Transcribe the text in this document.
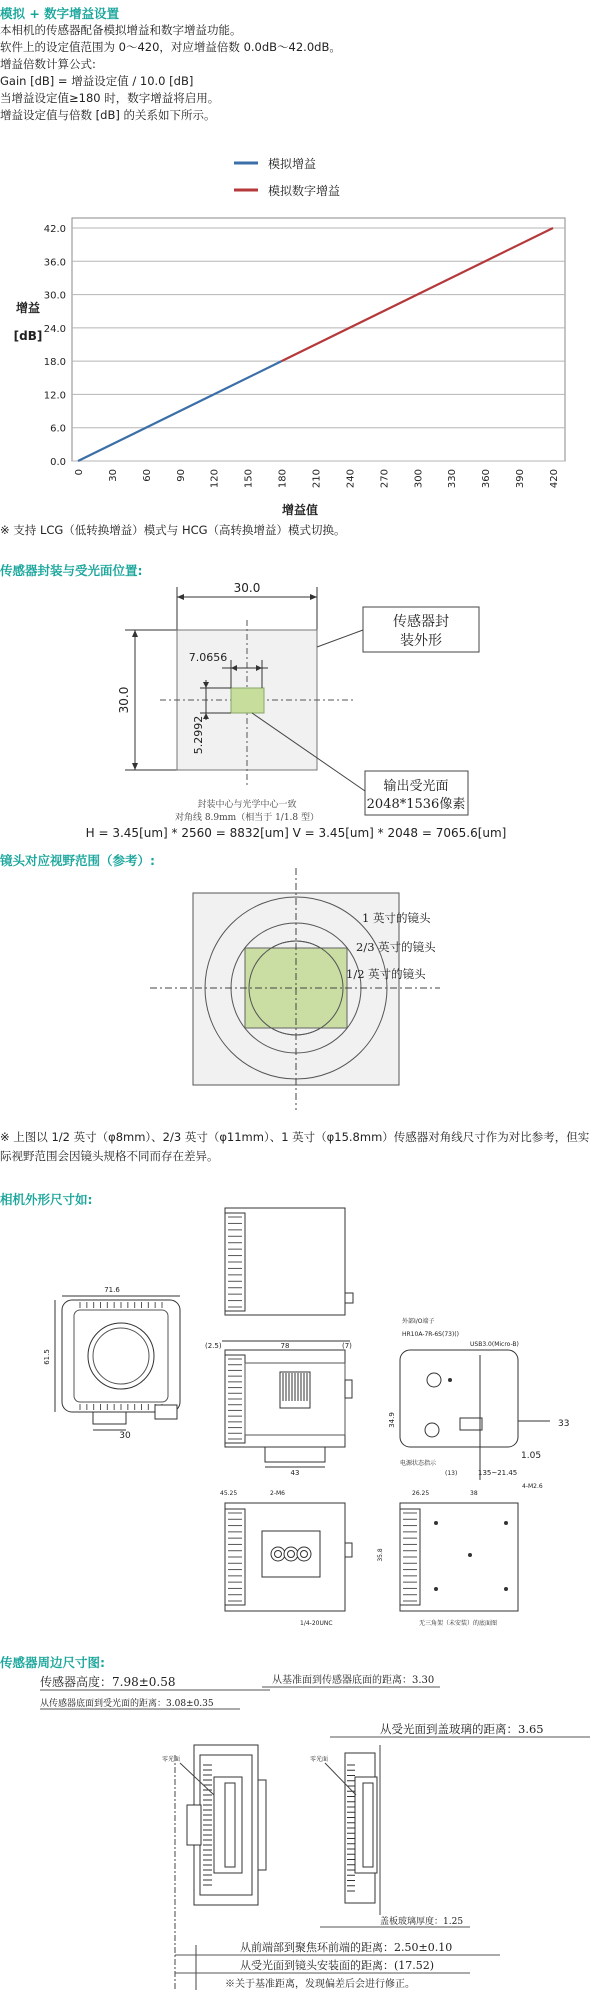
模拟 + 数字增益设置
本相机的传感器配备模拟增益和数字增益功能。
软件上的设定值范围为 0～420，对应增益倍数 0.0dB～42.0dB。
增益倍数计算公式:
Gain [dB] = 增益设定值 / 10.0 [dB]
当增益设定值≥180 时，数字增益将启用。
增益设定值与倍数 [dB] 的关系如下所示。
模拟增益
模拟数字增益
0.0
6.0
12.0
18.0
24.0
30.0
36.0
42.0
0 30 60 90 120 150 180 210 240 270 300 330 360 390 420
增益
[dB]
增益值
※ 支持 LCG（低转换增益）模式与 HCG（高转换增益）模式切换。
传感器封装与受光面位置:
30.0
30.0
7.0656
5.2992
传感器封
装外形
输出受光面
2048*1536像素
封装中心与光学中心一致
对角线 8.9mm（相当于 1/1.8 型）
H = 3.45[um] * 2560 = 8832[um] V = 3.45[um] * 2048 = 7065.6[um]
镜头对应视野范围（参考）:
1 英寸的镜头
2/3 英寸的镜头
1/2 英寸的镜头
※ 上图以 1/2 英寸（φ8mm）、2/3 英寸（φ11mm）、1 英寸（φ15.8mm）传感器对角线尺寸作为对比参考，但实际视野范围会因镜头规格不同而存在差异。
相机外形尺寸如:
71.6
61.5
30
(2.5)	78	(7)
43
外部I/O端子
HR10A-7R-6S(73)()
USB3.0(Micro-B)
33
34.9
1.05
135~21.45
电源状态指示
(13)
45.25	2-M6
35.8
1/4-20UNC
26.25	38
4-M2.6
无三角架（未安装）的底面图
传感器周边尺寸图:
传感器高度：7.98±0.58	从基准面到传感器底面的距离：3.30
从传感器底面到受光面的距离：3.08±0.35
从受光面到盖玻璃的距离：3.65
零光面	零光面
盖板玻璃厚度：1.25
从前端部到聚焦环前端的距离：2.50±0.10
从受光面到镜头安装面的距离：(17.52)
※关于基准距离，发现偏差后会进行修正。
